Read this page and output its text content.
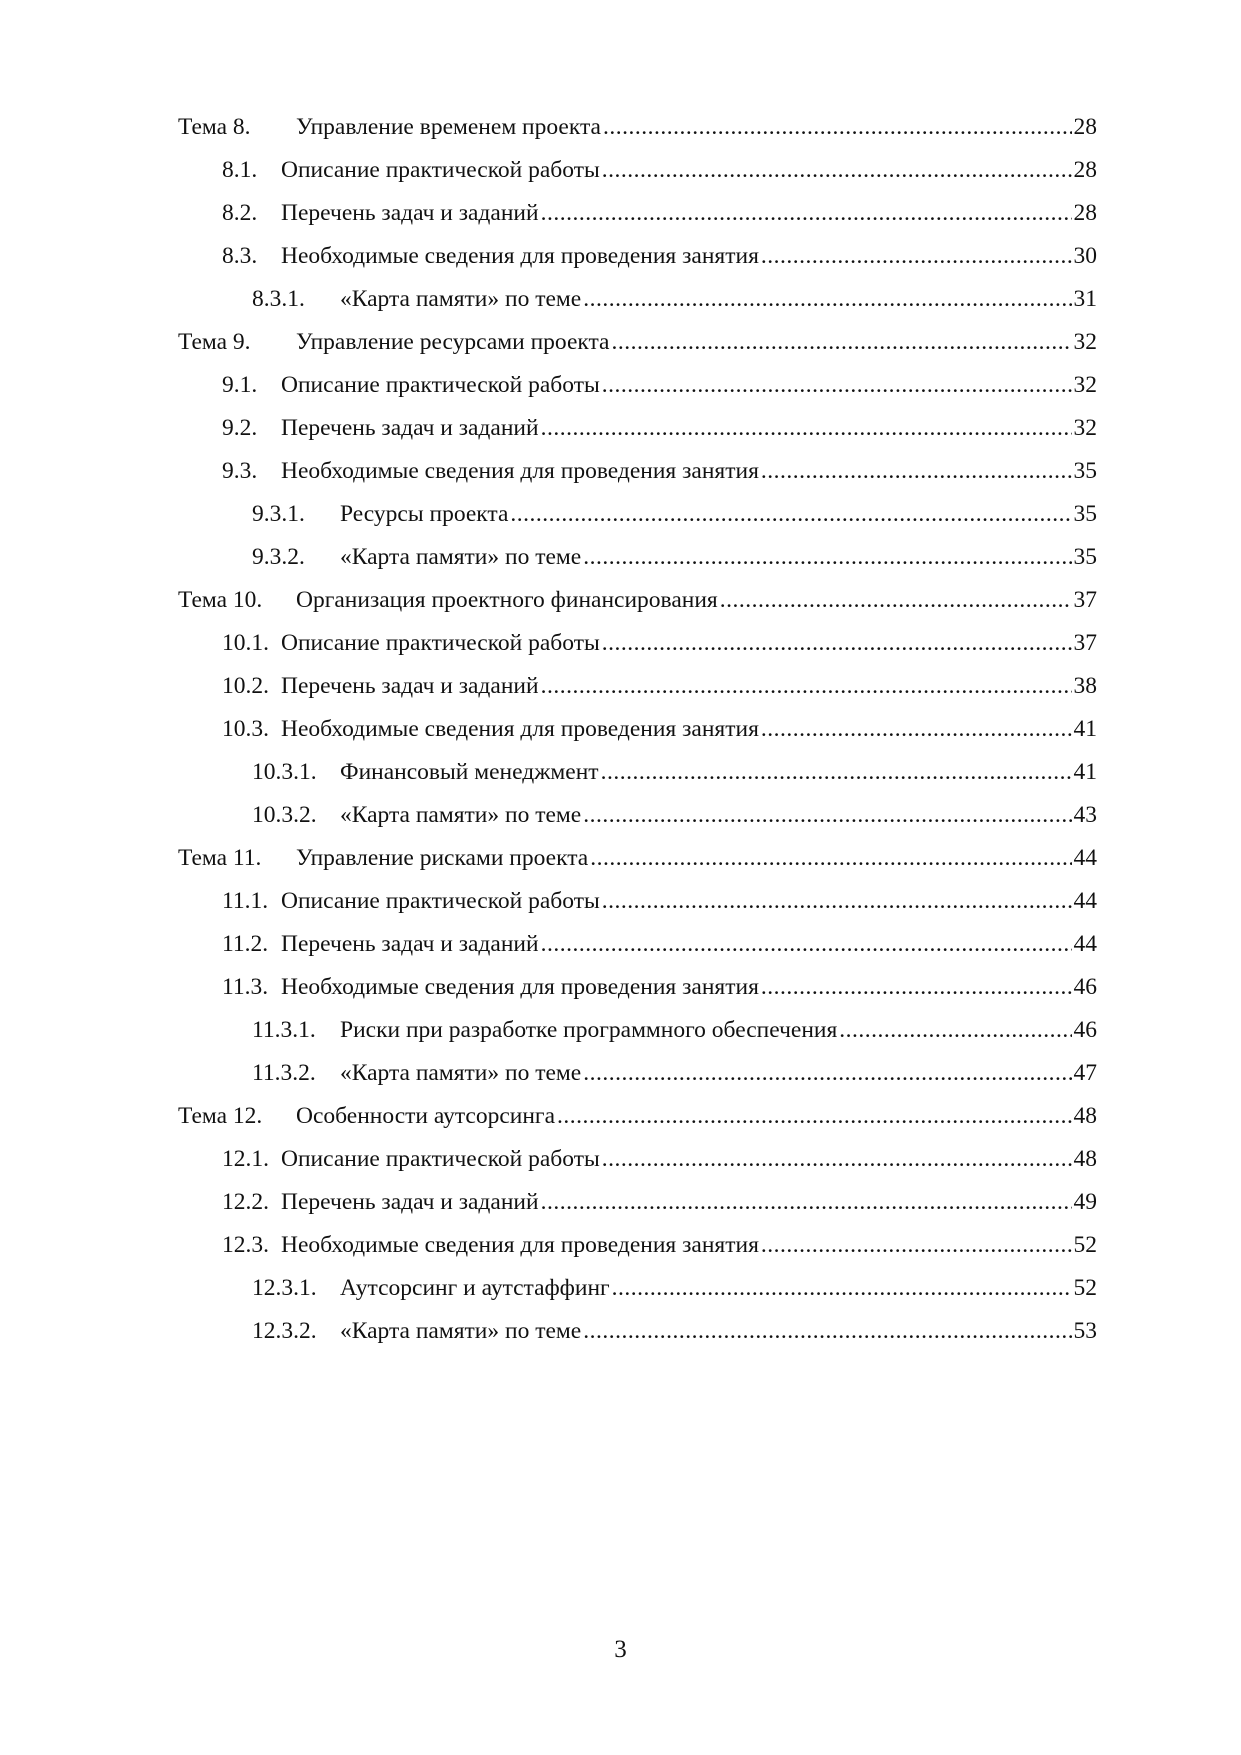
Тема 8.	Управление временем проекта .....	28
8.1.	Описание практической работы .....	28
8.2.	Перечень задач и заданий .....	28
8.3.	Необходимые сведения для проведения занятия .....	30
8.3.1.	«Карта памяти» по теме .....	31
Тема 9.	Управление ресурсами проекта .....	32
9.1.	Описание практической работы .....	32
9.2.	Перечень задач и заданий .....	32
9.3.	Необходимые сведения для проведения занятия .....	35
9.3.1.	Ресурсы проекта .....	35
9.3.2.	«Карта памяти» по теме .....	35
Тема 10.	Организация проектного финансирования .....	37
10.1. Описание практической работы .....	37
10.2. Перечень задач и заданий .....	38
10.3. Необходимые сведения для проведения занятия .....	41
10.3.1. Финансовый менеджмент .....	41
10.3.2. «Карта памяти» по теме .....	43
Тема 11.	Управление рисками проекта .....	44
11.1. Описание практической работы .....	44
11.2. Перечень задач и заданий .....	44
11.3. Необходимые сведения для проведения занятия .....	46
11.3.1.	Риски при разработке программного обеспечения .....	46
11.3.2.	«Карта памяти» по теме .....	47
Тема 12.	Особенности аутсорсинга .....	48
12.1. Описание практической работы .....	48
12.2. Перечень задач и заданий .....	49
12.3. Необходимые сведения для проведения занятия .....	52
12.3.1. Аутсорсинг и аутстаффинг .....	52
12.3.2. «Карта памяти» по теме .....	53
3
